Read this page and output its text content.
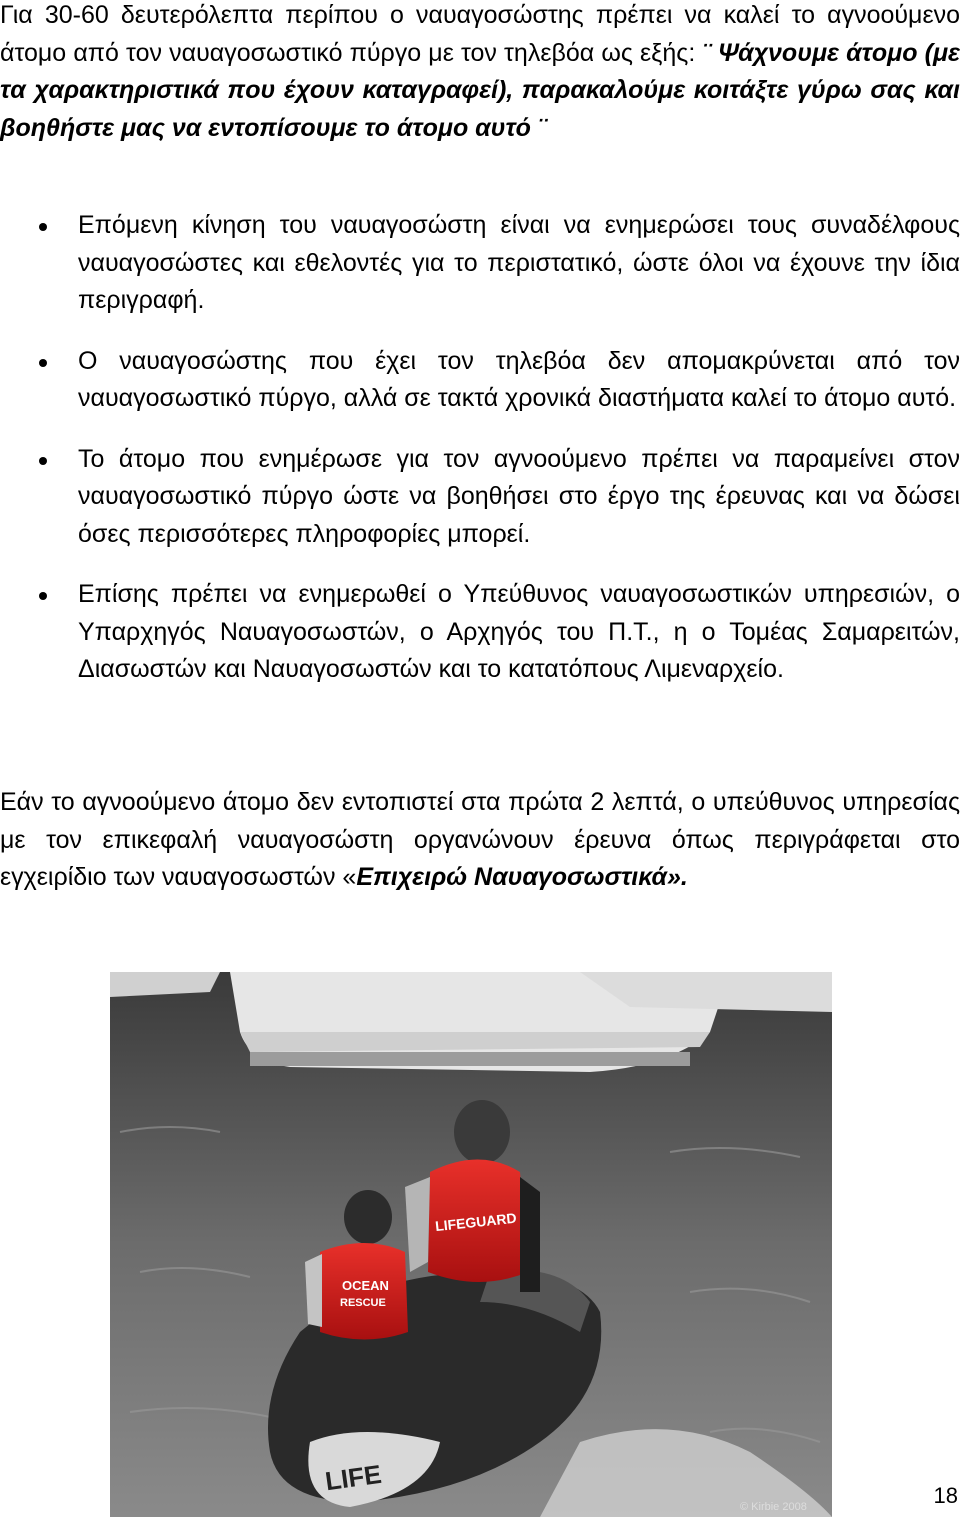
Για 30-60 δευτερόλεπτα περίπου ο ναυαγοσώστης πρέπει να καλεί το αγνοούμενο άτομο από τον ναυαγοσωστικό πύργο με τον τηλεβόα ως εξής: ¨ Ψάχνουμε άτομο (με τα χαρακτηριστικά που έχουν καταγραφεί), παρακαλούμε κοιτάξτε γύρω σας και βοηθήστε μας να εντοπίσουμε το άτομο αυτό ¨

Επόμενη κίνηση του ναυαγοσώστη είναι να ενημερώσει τους συναδέλφους ναυαγοσώστες και εθελοντές για το περιστατικό, ώστε όλοι να έχουνε την ίδια περιγραφή.
Ο ναυαγοσώστης που έχει τον τηλεβόα δεν απομακρύνεται από τον ναυαγοσωστικό πύργο, αλλά σε τακτά χρονικά διαστήματα καλεί το άτομο αυτό.
Το άτομο που ενημέρωσε για τον αγνοούμενο πρέπει να παραμείνει στον ναυαγοσωστικό πύργο ώστε να βοηθήσει στο έργο της έρευνας και να δώσει όσες περισσότερες πληροφορίες μπορεί.
Επίσης πρέπει να ενημερωθεί ο Υπεύθυνος ναυαγοσωστικών υπηρεσιών, ο Υπαρχηγός Ναυαγοσωστών, ο Αρχηγός του Π.Τ., η ο Τομέας Σαμαρειτών, Διασωστών και Ναυαγοσωστών και το κατατόπους Λιμεναρχείο.

Εάν το αγνοούμενο άτομο δεν εντοπιστεί στα πρώτα 2 λεπτά, ο υπεύθυνος υπηρεσίας με τον επικεφαλή ναυαγοσώστη οργανώνουν έρευνα όπως περιγράφεται στο εγχειρίδιο των ναυαγοσωστών «Επιχειρώ Ναυαγοσωστικά».

LIFE
LIFEGUARD
OCEAN
RESCUE
© Kirbie 2008	18
